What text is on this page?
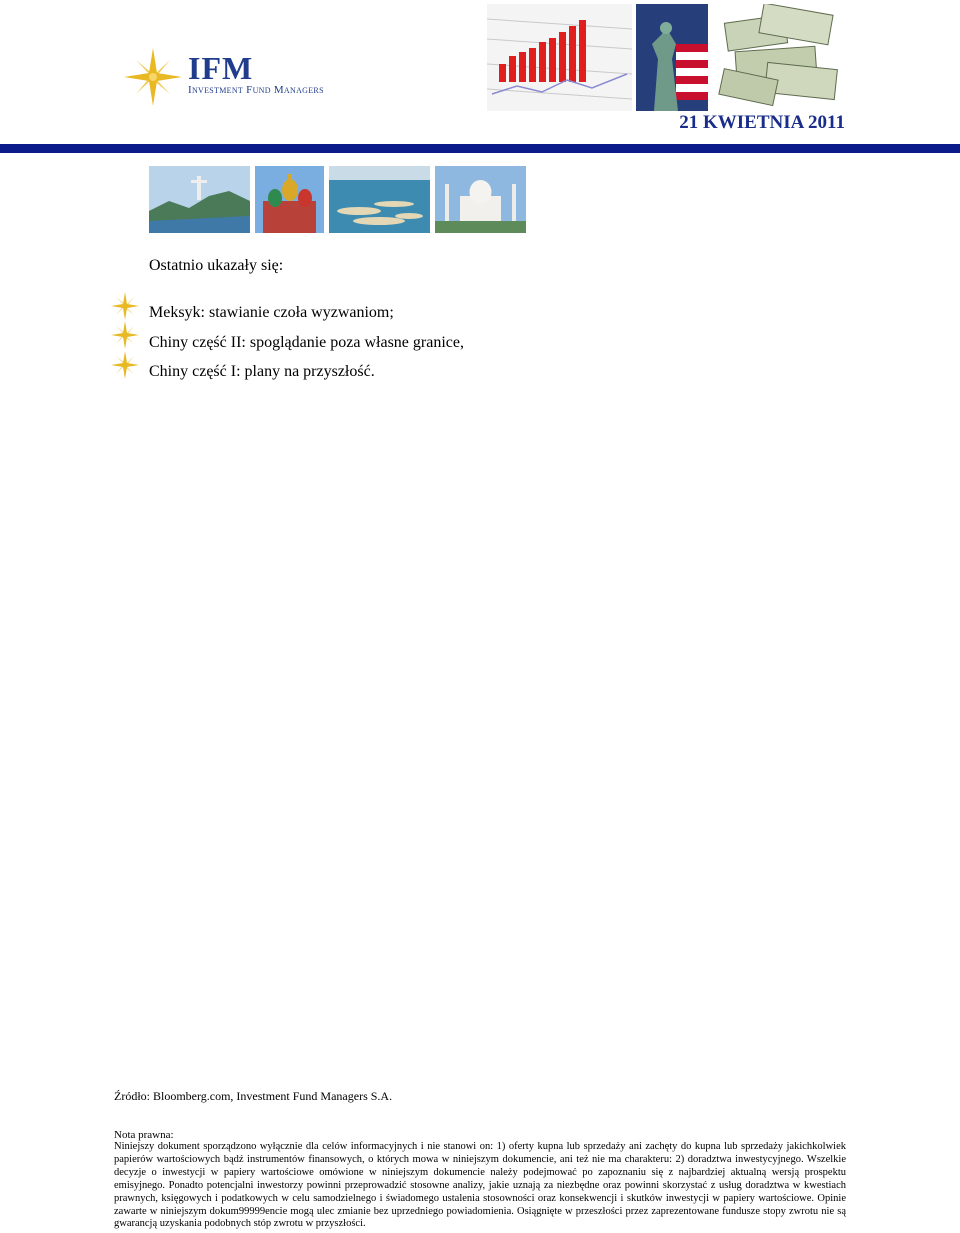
IFM
Investment Fund Managers
21 KWIETNIA 2011
Ostatnio ukazały się:
Meksyk: stawianie czoła wyzwaniom;
Chiny część II: spoglądanie poza własne granice,
Chiny część I: plany na przyszłość.
Źródło: Bloomberg.com, Investment Fund Managers S.A.
Nota prawna:
Niniejszy dokument sporządzono wyłącznie dla celów informacyjnych i nie stanowi on: 1) oferty kupna lub sprzedaży ani zachęty do kupna lub sprzedaży jakichkolwiek papierów wartościowych bądź instrumentów finansowych, o których mowa w niniejszym dokumencie, ani też nie ma charakteru: 2) doradztwa inwestycyjnego. Wszelkie decyzje o inwestycji w papiery wartościowe omówione w niniejszym dokumencie należy podejmować po zapoznaniu się z najbardziej aktualną wersją prospektu emisyjnego. Ponadto potencjalni inwestorzy powinni przeprowadzić stosowne analizy, jakie uznają za niezbędne oraz powinni skorzystać z usług doradztwa w kwestiach prawnych, księgowych i podatkowych w celu samodzielnego i świadomego ustalenia stosowności oraz konsekwencji i skutków inwestycji w papiery wartościowe. Opinie zawarte w niniejszym dokum99999encie mogą ulec zmianie bez uprzedniego powiadomienia. Osiągnięte w przeszłości przez zaprezentowane fundusze stopy zwrotu nie są gwarancją uzyskania podobnych stóp zwrotu w przyszłości.
